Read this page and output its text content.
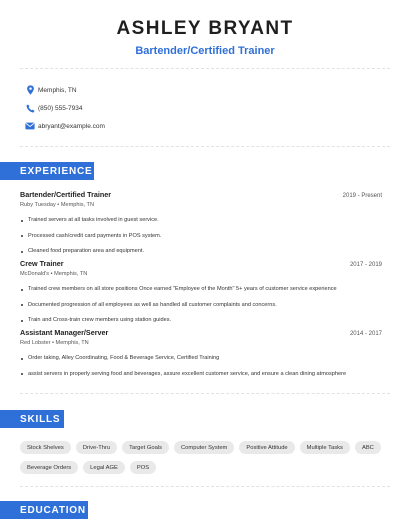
ASHLEY BRYANT
Bartender/Certified Trainer
Memphis, TN
(850) 555-7934
abryant@example.com
EXPERIENCE
Bartender/Certified Trainer	2019 - Present
Ruby Tuesday • Memphis, TN
Trained servers at all tasks involved in guest service.
Processed cash/credit card payments in POS system.
Cleaned food preparation area and equipment.
Crew Trainer	2017 - 2019
McDonald's • Memphis, TN
Trained crew members on all store positions Once earned "Employee of the Month" 5+ years of customer service experience
Documented progression of all employees as well as handled all customer complaints and concerns.
Train and Cross-train crew members using station guides.
Assistant Manager/Server	2014 - 2017
Red Lobster • Memphis, TN
Order taking, Alley Coordinating, Food & Beverage Service, Certified Training
assist servers in properly serving food and beverages, assure excellent customer service, and ensure a clean dining atmosphere
SKILLS
Stock Shelves	Drive-Thru	Target Goals	Computer System	Positive Attitude	Multiple Tasks	ABC
Beverage Orders	Legal AGE	POS
EDUCATION
